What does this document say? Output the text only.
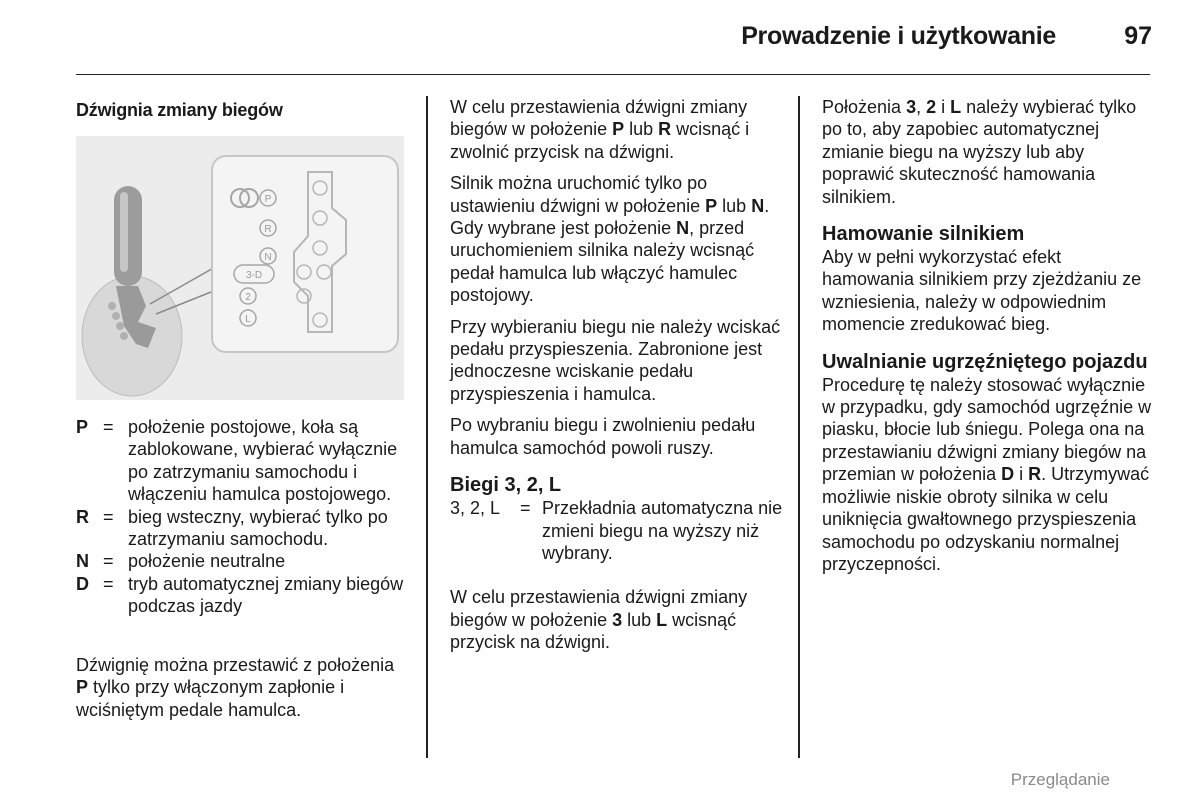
Prowadzenie i użytkowanie	97
Dźwignia zmiany biegów
P
R
N
3-D
2
L
P = położenie postojowe, koła są zablokowane, wybierać wyłącznie po zatrzymaniu samochodu i włączeniu hamulca postojowego.
R = bieg wsteczny, wybierać tylko po zatrzymaniu samochodu.
N = położenie neutralne
D = tryb automatycznej zmiany biegów podczas jazdy

Dźwignię można przestawić z położenia P tylko przy włączonym zapłonie i wciśniętym pedale hamulca.

W celu przestawienia dźwigni zmiany biegów w położenie P lub R wcisnąć i zwolnić przycisk na dźwigni.

Silnik można uruchomić tylko po ustawieniu dźwigni w położenie P lub N. Gdy wybrane jest położenie N, przed uruchomieniem silnika należy wcisnąć pedał hamulca lub włączyć hamulec postojowy.

Przy wybieraniu biegu nie należy wciskać pedału przyspieszenia. Zabronione jest jednoczesne wciskanie pedału przyspieszenia i hamulca.

Po wybraniu biegu i zwolnieniu pedału hamulca samochód powoli ruszy.

Biegi 3, 2, L
3, 2, L = Przekładnia automatyczna nie zmieni biegu na wyższy niż wybrany.

W celu przestawienia dźwigni zmiany biegów w położenie 3 lub L wcisnąć przycisk na dźwigni.

Położenia 3, 2 i L należy wybierać tylko po to, aby zapobiec automatycznej zmianie biegu na wyższy lub aby poprawić skuteczność hamowania silnikiem.

Hamowanie silnikiem

Aby w pełni wykorzystać efekt hamowania silnikiem przy zjeżdżaniu ze wzniesienia, należy w odpowiednim momencie zredukować bieg.

Uwalnianie ugrzęźniętego pojazdu

Procedurę tę należy stosować wyłącznie w przypadku, gdy samochód ugrzęźnie w piasku, błocie lub śniegu. Polega ona na przestawianiu dźwigni zmiany biegów na przemian w położenia D i R. Utrzymywać możliwie niskie obroty silnika w celu uniknięcia gwałtownego przyspieszenia samochodu po odzyskaniu normalnej przyczepności.

Przeglądanie
